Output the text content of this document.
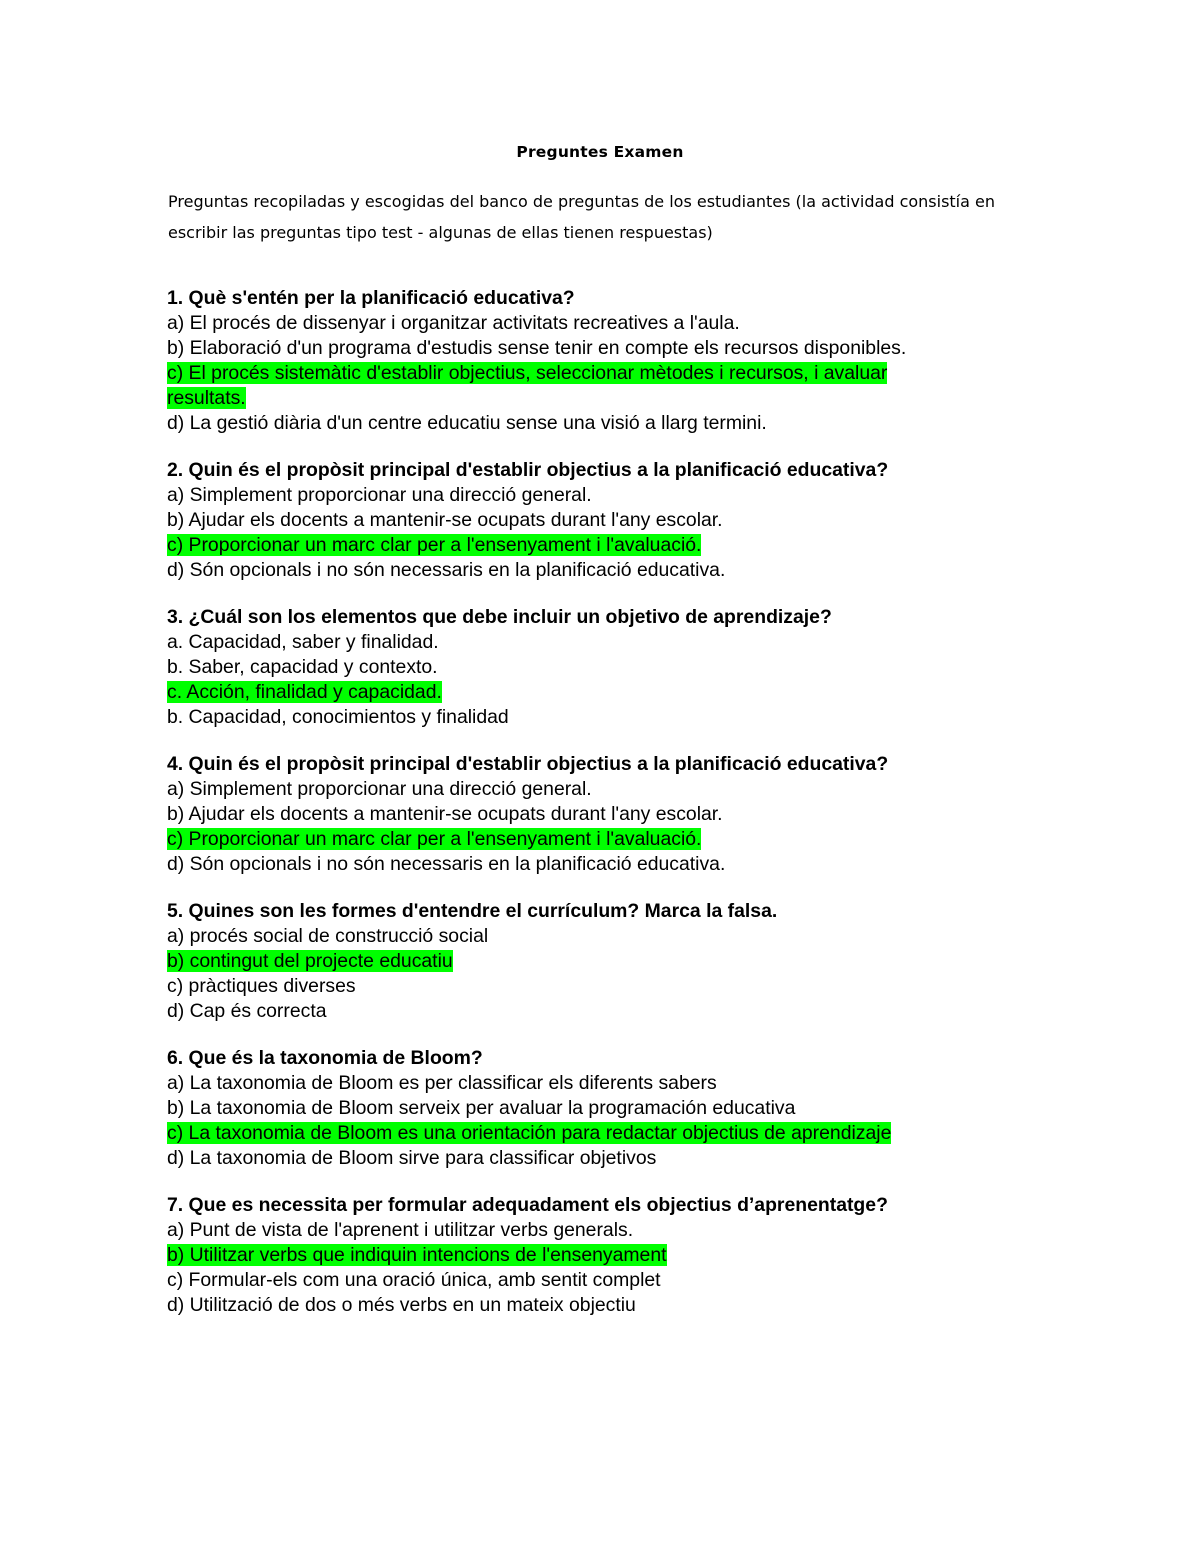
Preguntes Examen
Preguntas recopiladas y escogidas del banco de preguntas de los estudiantes (la actividad consistía en escribir las preguntas tipo test - algunas de ellas tienen respuestas)
1. Què s'entén per la planificació educativa?
a) El procés de dissenyar i organitzar activitats recreatives a l'aula.
b) Elaboració d'un programa d'estudis sense tenir en compte els recursos disponibles.
c) El procés sistemàtic d'establir objectius, seleccionar mètodes i recursos, i avaluar resultats.
d) La gestió diària d'un centre educatiu sense una visió a llarg termini.
2. Quin és el propòsit principal d'establir objectius a la planificació educativa?
a) Simplement proporcionar una direcció general.
b) Ajudar els docents a mantenir-se ocupats durant l'any escolar.
c) Proporcionar un marc clar per a l'ensenyament i l'avaluació.
d) Són opcionals i no són necessaris en la planificació educativa.
3. ¿Cuál son los elementos que debe incluir un objetivo de aprendizaje?
a. Capacidad, saber y finalidad.
b. Saber, capacidad y contexto.
c. Acción, finalidad y capacidad.
b. Capacidad, conocimientos y finalidad
4. Quin és el propòsit principal d'establir objectius a la planificació educativa?
a) Simplement proporcionar una direcció general.
b) Ajudar els docents a mantenir-se ocupats durant l'any escolar.
c) Proporcionar un marc clar per a l'ensenyament i l'avaluació.
d) Són opcionals i no són necessaris en la planificació educativa.
5. Quines son les formes d'entendre el currículum? Marca la falsa.
a) procés social de construcció social
b) contingut del projecte educatiu
c) pràctiques diverses
d) Cap és correcta
6. Que és la taxonomia de Bloom?
a) La taxonomia de Bloom es per classificar els diferents sabers
b) La taxonomia de Bloom serveix per avaluar la programación educativa
c) La taxonomia de Bloom es una orientación para redactar objectius de aprendizaje
d) La taxonomia de Bloom sirve para classificar objetivos
7. Que es necessita per formular adequadament els objectius d’aprenentatge?
a) Punt de vista de l'aprenent i utilitzar verbs generals.
b) Utilitzar verbs que indiquin intencions de l'ensenyament
c) Formular-els com una oració única, amb sentit complet
d) Utilització de dos o més verbs en un mateix objectiu
